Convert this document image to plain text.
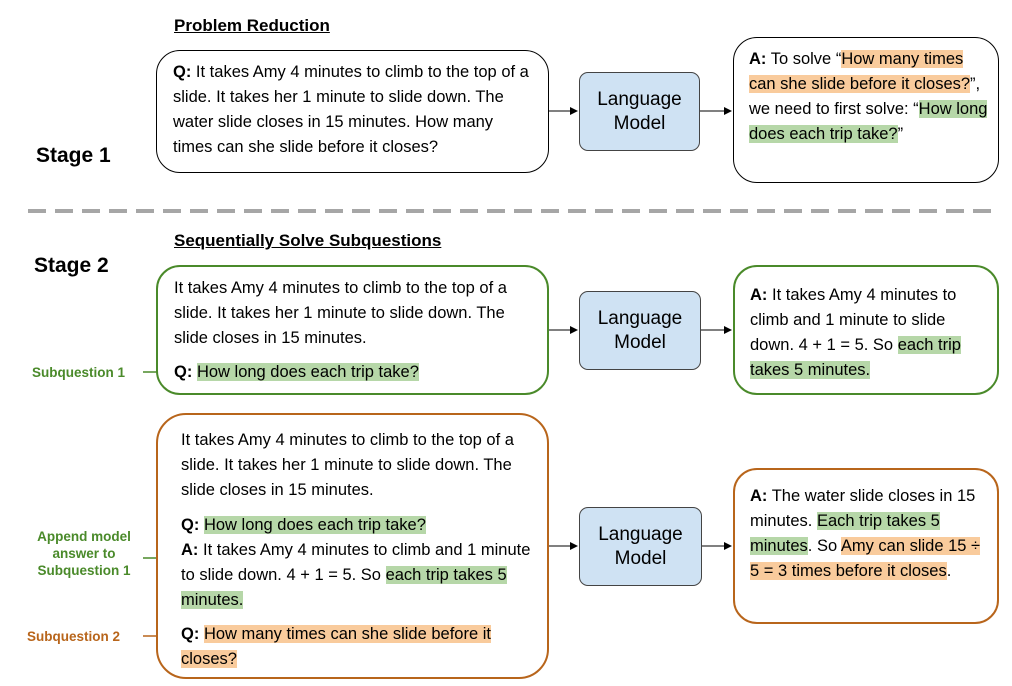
Problem Reduction
Stage 1
Sequentially Solve Subquestions
Stage 2
Q: It takes Amy 4 minutes to climb to the top of a slide. It takes her 1 minute to slide down. The water slide closes in 15 minutes. How many times can she slide before it closes?
Language Model
A: To solve “How many times can she slide before it closes?”, we need to first solve: “How long does each trip take?”
Subquestion 1
It takes Amy 4 minutes to climb to the top of a slide. It takes her 1 minute to slide down. The slide closes in 15 minutes.
Q: How long does each trip take?
Language Model
A: It takes Amy 4 minutes to climb and 1 minute to slide down. 4 + 1 = 5. So each trip takes 5 minutes.
Append model answer to Subquestion 1
Subquestion 2
It takes Amy 4 minutes to climb to the top of a slide. It takes her 1 minute to slide down. The slide closes in 15 minutes.
Q: How long does each trip take?
A: It takes Amy 4 minutes to climb and 1 minute to slide down. 4 + 1 = 5. So each trip takes 5 minutes.
Q: How many times can she slide before it closes?
Language Model
A: The water slide closes in 15 minutes. Each trip takes 5 minutes. So Amy can slide 15 ÷ 5 = 3 times before it closes.
